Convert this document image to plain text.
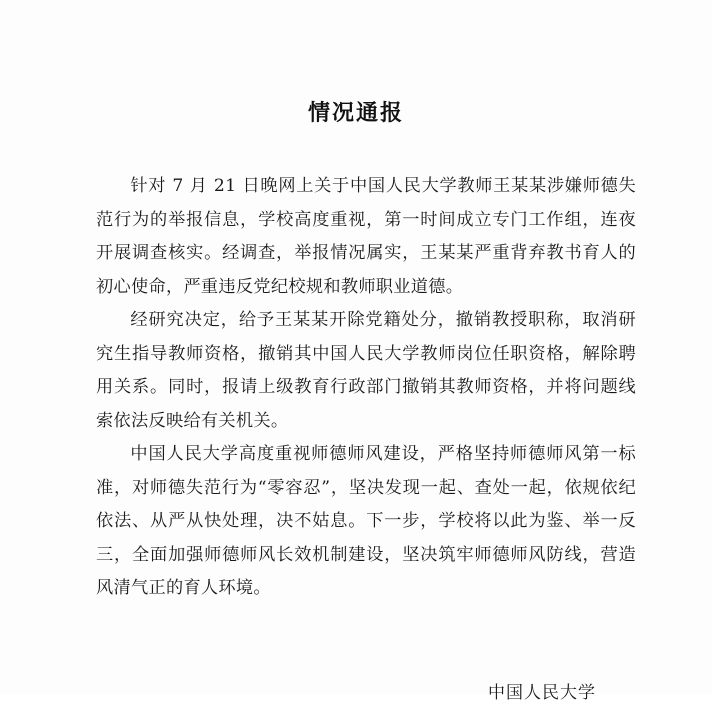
情况通报

针对 7 月 21 日晚网上关于中国人民大学教师王某某涉嫌师德失范行为的举报信息，学校高度重视，第一时间成立专门工作组，连夜开展调查核实。经调查，举报情况属实，王某某严重背弃教书育人的初心使命，严重违反党纪校规和教师职业道德。

经研究决定，给予王某某开除党籍处分，撤销教授职称，取消研究生指导教师资格，撤销其中国人民大学教师岗位任职资格，解除聘用关系。同时，报请上级教育行政部门撤销其教师资格，并将问题线索依法反映给有关机关。

中国人民大学高度重视师德师风建设，严格坚持师德师风第一标准，对师德失范行为“零容忍”，坚决发现一起、查处一起，依规依纪依法、从严从快处理，决不姑息。下一步，学校将以此为鉴、举一反三，全面加强师德师风长效机制建设，坚决筑牢师德师风防线，营造风清气正的育人环境。

中国人民大学
